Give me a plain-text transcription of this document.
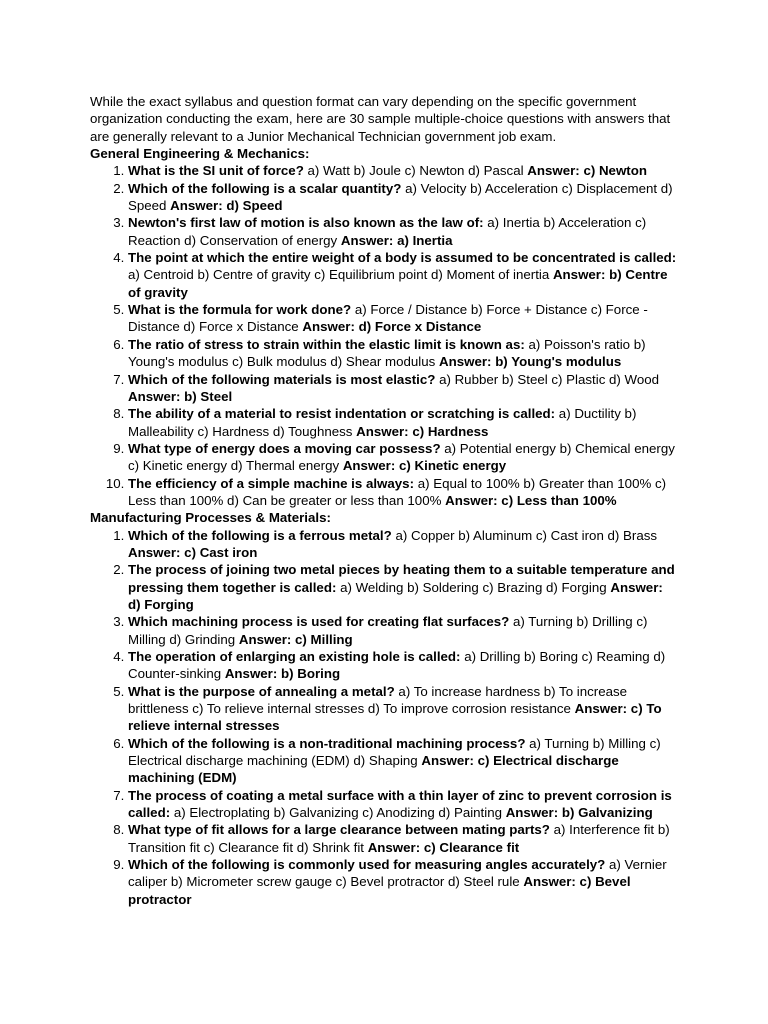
While the exact syllabus and question format can vary depending on the specific government organization conducting the exam, here are 30 sample multiple-choice questions with answers that are generally relevant to a Junior Mechanical Technician government job exam.

General Engineering & Mechanics:
1. What is the SI unit of force? a) Watt b) Joule c) Newton d) Pascal Answer: c) Newton
2. Which of the following is a scalar quantity? a) Velocity b) Acceleration c) Displacement d) Speed Answer: d) Speed
3. Newton's first law of motion is also known as the law of: a) Inertia b) Acceleration c) Reaction d) Conservation of energy Answer: a) Inertia
4. The point at which the entire weight of a body is assumed to be concentrated is called: a) Centroid b) Centre of gravity c) Equilibrium point d) Moment of inertia Answer: b) Centre of gravity
5. What is the formula for work done? a) Force / Distance b) Force + Distance c) Force - Distance d) Force x Distance Answer: d) Force x Distance
6. The ratio of stress to strain within the elastic limit is known as: a) Poisson's ratio b) Young's modulus c) Bulk modulus d) Shear modulus Answer: b) Young's modulus
7. Which of the following materials is most elastic? a) Rubber b) Steel c) Plastic d) Wood Answer: b) Steel
8. The ability of a material to resist indentation or scratching is called: a) Ductility b) Malleability c) Hardness d) Toughness Answer: c) Hardness
9. What type of energy does a moving car possess? a) Potential energy b) Chemical energy c) Kinetic energy d) Thermal energy Answer: c) Kinetic energy
10. The efficiency of a simple machine is always: a) Equal to 100% b) Greater than 100% c) Less than 100% d) Can be greater or less than 100% Answer: c) Less than 100%
Manufacturing Processes & Materials:
1. Which of the following is a ferrous metal? a) Copper b) Aluminum c) Cast iron d) Brass Answer: c) Cast iron
2. The process of joining two metal pieces by heating them to a suitable temperature and pressing them together is called: a) Welding b) Soldering c) Brazing d) Forging Answer: d) Forging
3. Which machining process is used for creating flat surfaces? a) Turning b) Drilling c) Milling d) Grinding Answer: c) Milling
4. The operation of enlarging an existing hole is called: a) Drilling b) Boring c) Reaming d) Counter-sinking Answer: b) Boring
5. What is the purpose of annealing a metal? a) To increase hardness b) To increase brittleness c) To relieve internal stresses d) To improve corrosion resistance Answer: c) To relieve internal stresses
6. Which of the following is a non-traditional machining process? a) Turning b) Milling c) Electrical discharge machining (EDM) d) Shaping Answer: c) Electrical discharge machining (EDM)
7. The process of coating a metal surface with a thin layer of zinc to prevent corrosion is called: a) Electroplating b) Galvanizing c) Anodizing d) Painting Answer: b) Galvanizing
8. What type of fit allows for a large clearance between mating parts? a) Interference fit b) Transition fit c) Clearance fit d) Shrink fit Answer: c) Clearance fit
9. Which of the following is commonly used for measuring angles accurately? a) Vernier caliper b) Micrometer screw gauge c) Bevel protractor d) Steel rule Answer: c) Bevel protractor
